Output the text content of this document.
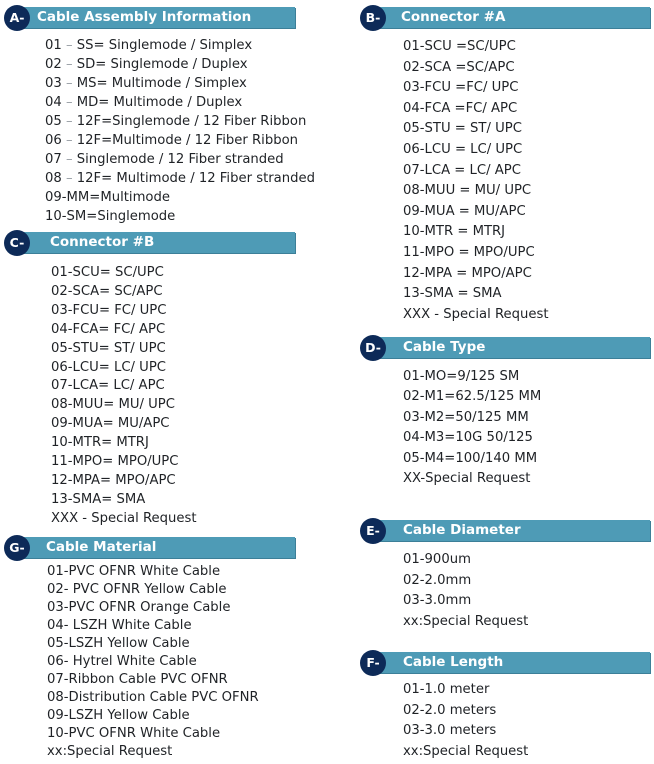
A- Cable Assembly Information
01 – SS= Singlemode / Simplex
02 – SD= Singlemode / Duplex
03 – MS= Multimode / Simplex
04 – MD= Multimode / Duplex
05 – 12F=Singlemode / 12 Fiber Ribbon
06 – 12F=Multimode / 12 Fiber Ribbon
07 – Singlemode / 12 Fiber stranded
08 – 12F= Multimode / 12 Fiber stranded
09-MM=Multimode
10-SM=Singlemode
C-	Connector #B
01-SCU= SC/UPC
02-SCA= SC/APC
03-FCU= FC/ UPC
04-FCA= FC/ APC
05-STU= ST/ UPC
06-LCU= LC/ UPC
07-LCA= LC/ APC
08-MUU= MU/ UPC
09-MUA= MU/APC
10-MTR= MTRJ
11-MPO= MPO/UPC
12-MPA= MPO/APC
13-SMA= SMA
XXX - Special Request
G-	Cable Material
01-PVC OFNR White Cable
02- PVC OFNR Yellow Cable
03-PVC OFNR Orange Cable
04- LSZH White Cable
05-LSZH Yellow Cable
06- Hytrel White Cable
07-Ribbon Cable PVC OFNR
08-Distribution Cable PVC OFNR
09-LSZH Yellow Cable
10-PVC OFNR White Cable
xx:Special Request
B-	Connector #A
01-SCU =SC/UPC
02-SCA =SC/APC
03-FCU =FC/ UPC
04-FCA =FC/ APC
05-STU = ST/ UPC
06-LCU = LC/ UPC
07-LCA = LC/ APC
08-MUU = MU/ UPC
09-MUA = MU/APC
10-MTR = MTRJ
11-MPO = MPO/UPC
12-MPA = MPO/APC
13-SMA = SMA
XXX - Special Request
D-	Cable Type
01-MO=9/125 SM
02-M1=62.5/125 MM
03-M2=50/125 MM
04-M3=10G 50/125
05-M4=100/140 MM
XX-Special Request
E-	Cable Diameter
01-900um
02-2.0mm
03-3.0mm
xx:Special Request
F-	Cable Length
01-1.0 meter
02-2.0 meters
03-3.0 meters
xx:Special Request
